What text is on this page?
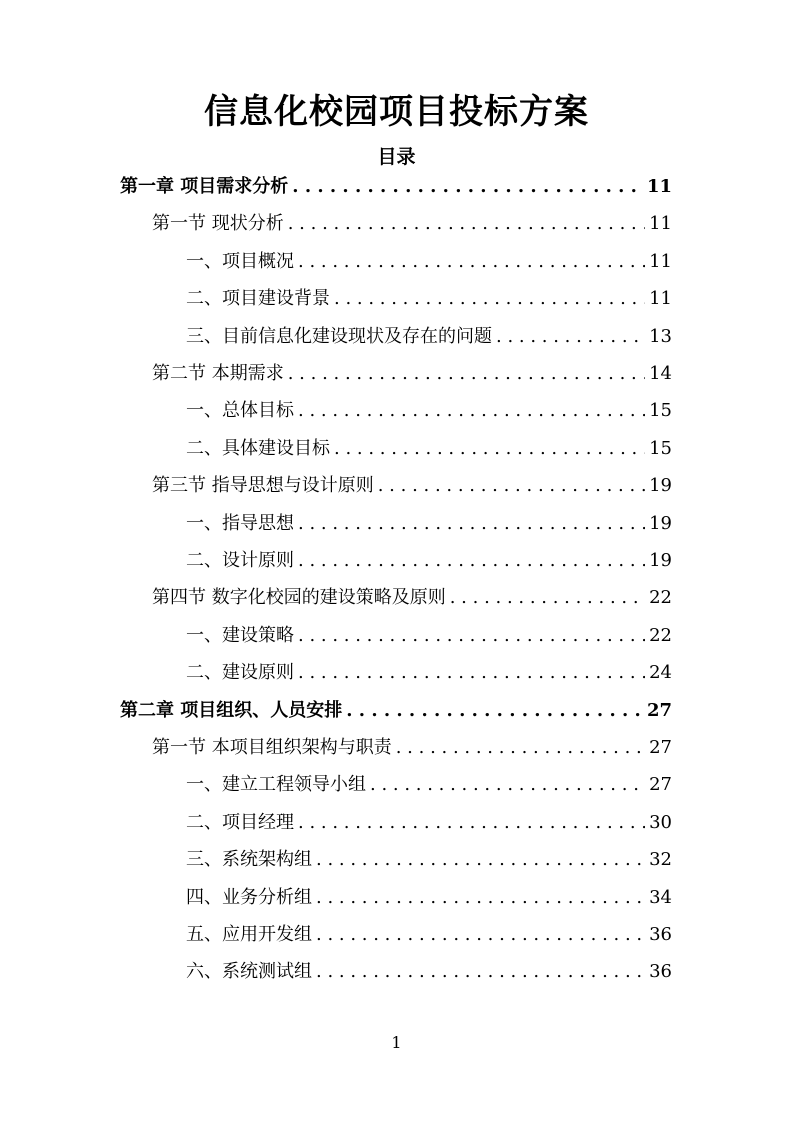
信息化校园项目投标方案
目录
第一章 项目需求分析 . . .	11
第一节 现状分析 . . .	11
一、项目概况 . . .	11
二、项目建设背景 . . .	11
三、目前信息化建设现状及存在的问题 . . .	13
第二节 本期需求 . . .	14
一、总体目标 . . .	15
二、具体建设目标 . . .	15
第三节 指导思想与设计原则 . . .	19
一、指导思想 . . .	19
二、设计原则 . . .	19
第四节 数字化校园的建设策略及原则 . . .	22
一、建设策略 . . .	22
二、建设原则 . . .	24
第二章 项目组织、人员安排 . . .	27
第一节 本项目组织架构与职责 . . .	27
一、建立工程领导小组 . . .	27
二、项目经理 . . .	30
三、系统架构组 . . .	32
四、业务分析组 . . .	34
五、应用开发组 . . .	36
六、系统测试组 . . .	36
1
